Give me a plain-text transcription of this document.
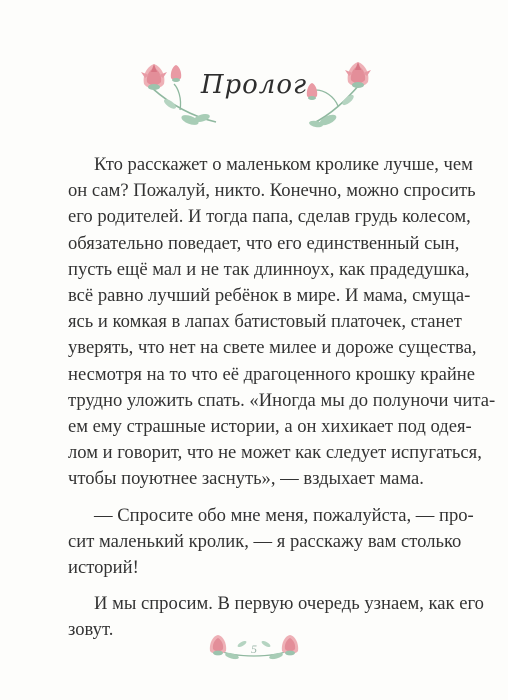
Пролог
Кто расскажет о маленьком кролике лучше, чем
он сам? Пожалуй, никто. Конечно, можно спросить
его родителей. И тогда папа, сделав грудь колесом,
обязательно поведает, что его единственный сын,
пусть ещё мал и не так длинноух, как прадедушка,
всё равно лучший ребёнок в мире. И мама, смуща-
ясь и комкая в лапах батистовый платочек, станет
уверять, что нет на свете милее и дороже существа,
несмотря на то что её драгоценного крошку крайне
трудно уложить спать. «Иногда мы до полуночи чита-
ем ему страшные истории, а он хихикает под одея-
лом и говорит, что не может как следует испугаться,
чтобы поуютнее заснуть», — вздыхает мама.
— Спросите обо мне меня, пожалуйста, — про-
сит маленький кролик, — я расскажу вам столько
историй!
И мы спросим. В первую очередь узнаем, как его
зовут.
5
